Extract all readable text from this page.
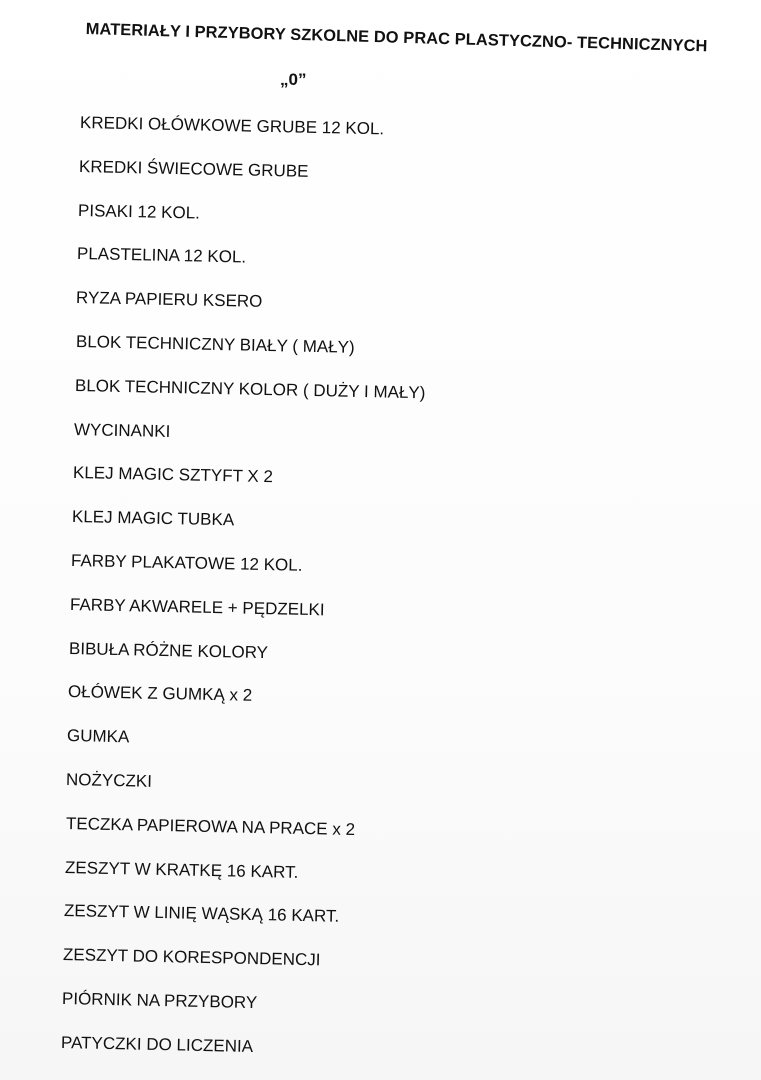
MATERIAŁY I PRZYBORY SZKOLNE DO PRAC PLASTYCZNO- TECHNICZNYCH
„0”
KREDKI OŁÓWKOWE GRUBE 12 KOL.
KREDKI ŚWIECOWE GRUBE
PISAKI 12 KOL.
PLASTELINA 12 KOL.
RYZA PAPIERU KSERO
BLOK TECHNICZNY BIAŁY ( MAŁY)
BLOK TECHNICZNY KOLOR ( DUŻY I MAŁY)
WYCINANKI
KLEJ MAGIC SZTYFT X 2
KLEJ MAGIC TUBKA
FARBY PLAKATOWE 12 KOL.
FARBY AKWARELE + PĘDZELKI
BIBUŁA RÓŻNE KOLORY
OŁÓWEK Z GUMKĄ x 2
GUMKA
NOŻYCZKI
TECZKA PAPIEROWA NA PRACE x 2
ZESZYT W KRATKĘ 16 KART.
ZESZYT W LINIĘ WĄSKĄ 16 KART.
ZESZYT DO KORESPONDENCJI
PIÓRNIK NA PRZYBORY
PATYCZKI DO LICZENIA
